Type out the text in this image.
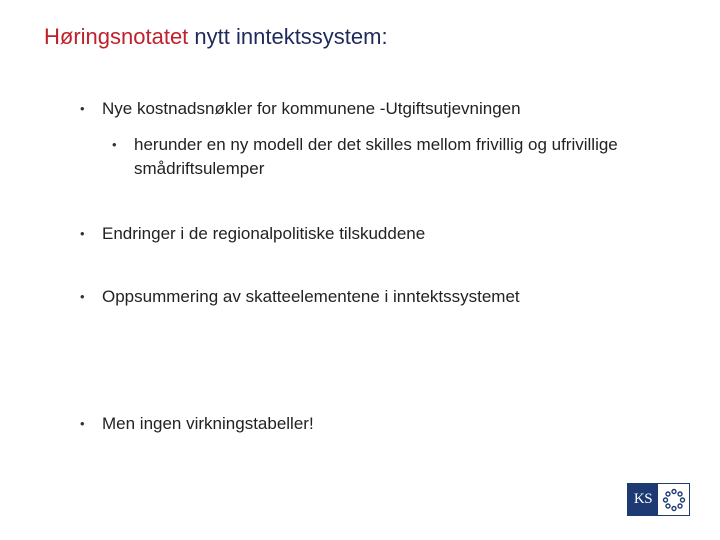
Høringsnotatet nytt inntektssystem:
•	Nye kostnadsnøkler for kommunene -Utgiftsutjevningen
•	herunder en ny modell der det skilles mellom frivillig og ufrivillige smådriftsulemper
•	Endringer i de regionalpolitiske tilskuddene
•	Oppsummering av skatteelementene i inntektssystemet
•	Men ingen virkningstabeller!
KS
